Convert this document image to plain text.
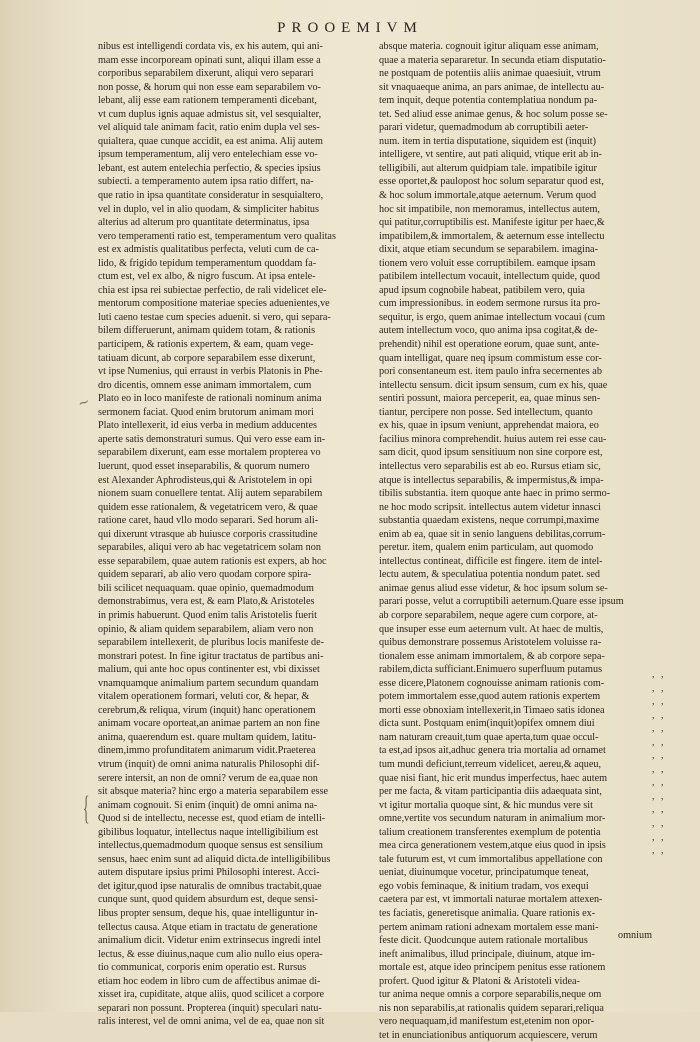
PROOEMIVM
~
{
nibus est intelligendi cordata vis, ex his autem, qui ani-
mam esse incorpoream opinati sunt, aliqui illam esse a
corporibus separabilem dixerunt, aliqui vero separari
non posse, & horum qui non esse eam separabilem vo-
lebant, alij esse eam rationem temperamenti dicebant,
vt cum duplus ignis aquae admistus sit, vel sesquialter,
vel aliquid tale animam facit, ratio enim dupla vel ses-
quialtera, quae cunque accidit, ea est anima. Alij autem
ipsum temperamentum, alij vero entelechiam esse vo-
lebant, est autem entelechia perfectio, & species ipsius
subiecti. a temperamento autem ipsa ratio differt, na-
que ratio in ipsa quantitate consideratur in sesquialtero,
vel in duplo, vel in alio quodam, & simpliciter habitus
alterius ad alterum pro quantitate determinatus, ipsa
vero temperamenti ratio est, temperamentum vero qualitas
est ex admistis qualitatibus perfecta, veluti cum de ca-
lido, & frigido tepidum temperamentum quoddam fa-
ctum est, vel ex albo, & nigro fuscum. At ipsa entele-
chia est ipsa rei subiectae perfectio, de rali videlicet ele-
mentorum compositione materiae species aduenientes,ve
luti caeno testae cum species aduenit. si vero, qui separa-
bilem differuerunt, animam quidem totam, & rationis
participem, & rationis expertem, & eam, quam vege-
tatiuam dicunt, ab corpore separabilem esse dixerunt,
vt ipse Numenius, qui erraust in verbis Platonis in Phe-
dro dicentis, omnem esse animam immortalem, cum
Plato eo in loco manifeste de rationali nominum anima
sermonem faciat. Quod enim brutorum animam mori
Plato intellexerit, id eius verba in medium adducentes
aperte satis demonstraturi sumus. Qui vero esse eam in-
separabilem dixerunt, eam esse mortalem propterea vo
luerunt, quod esset inseparabilis, & quorum numero
est Alexander Aphrodisteus,qui & Aristotelem in opi
nionem suam conuellere tentat. Alij autem separabilem
quidem esse rationalem, & vegetatricem vero, & quae
ratione caret, haud vllo modo separari. Sed horum ali-
qui dixerunt vtrasque ab huiusce corporis crassitudine
separabiles, aliqui vero ab hac vegetatricem solam non
esse separabilem, quae autem rationis est expers, ab hoc
quidem separari, ab alio vero quodam corpore spira-
bili scilicet nequaquam. quae opinio, quemadmodum
demonstrabimus, vera est, & eam Plato,& Aristoteles
in primis habuerunt. Quod enim talis Aristotelis fuerit
opinio, & aliam quidem separabilem, aliam vero non
separabilem intellexerit, de pluribus locis manifeste de-
monstrari potest. In fine igitur tractatus de partibus ani-
malium, qui ante hoc opus continenter est, vbi dixisset
vnamquamque animalium partem secundum quandam
vitalem operationem formari, veluti cor, & hepar, &
cerebrum,& reliqua, virum (inquit) hanc operationem
animam vocare oporteat,an animae partem an non fine
anima, quaerendum est. quare multam quidem, latitu-
dinem,immo profunditatem animarum vidit.Praeterea
vtrum (inquit) de omni anima naturalis Philosophi dif-
serere intersit, an non de omni? verum de ea,quae non
sit absque materia? hinc ergo a materia separabilem esse
animam cognouit. Si enim (inquit) de omni anima na-
Quod si de intellectu, necesse est, quod etiam de intelli-
gibilibus loquatur, intellectus naque intelligibilium est
intellectus,quemadmodum quoque sensus est sensilium
sensus, haec enim sunt ad aliquid dicta.de intelligibilibus
autem disputare ipsius primi Philosophi interest. Acci-
det igitur,quod ipse naturalis de omnibus tractabit,quae
cunque sunt, quod quidem absurdum est, deque sensi-
libus propter sensum, deque his, quae intelliguntur in-
tellectus causa. Atque etiam in tractatu de generatione
animalium dicit. Videtur enim extrinsecus ingredi intel
lectus, & esse diuinus,naque cum alio nullo eius opera-
tio communicat, corporis enim operatio est. Rursus
etiam hoc eodem in libro cum de affectibus animae di-
xisset ira, cupiditate, atque aliis, quod scilicet a corpore
separari non possunt. Propterea (inquit) speculari natu-
ralis interest, vel de omni anima, vel de ea, quae non sit
absque materia. cognouit igitur aliquam esse animam,
quae a materia separaretur. In secunda etiam disputatio-
ne postquam de potentiis aliis animae quaesiuit, vtrum
sit vnaquaeque anima, an pars animae, de intellectu au-
tem inquit, deque potentia contemplatiua nondum pa-
tet. Sed aliud esse animae genus, & hoc solum posse se-
parari videtur, quemadmodum ab corruptibili aeter-
num. item in tertia disputatione, siquidem est (inquit)
intelligere, vt sentire, aut pati aliquid, vtique erit ab in-
telligibili, aut alterum quidpiam tale. impatibile igitur
esse oportet,& paulopost hoc solum separatur quod est,
& hoc solum immortale,atque aeternum. Verum quod
hoc sit impatibile, non memoramus, intellectus autem,
qui patitur,corruptibilis est. Manifeste igitur per haec,&
impatibilem,& immortalem, & aeternum esse intellectu
dixit, atque etiam secundum se separabilem. imagina-
tionem vero voluit esse corruptibilem. eamque ipsam
patibilem intellectum vocauit, intellectum quide, quod
apud ipsum cognobile habeat, patibilem vero, quia
cum impressionibus. in eodem sermone rursus ita pro-
sequitur, is ergo, quem animae intellectum vocaui (cum
autem intellectum voco, quo anima ipsa cogitat,& de-
prehendit) nihil est operatione eorum, quae sunt, ante-
quam intelligat, quare neq ipsum commistum esse cor-
pori consentaneum est. item paulo infra secernentes ab
intellectu sensum. dicit ipsum sensum, cum ex his, quae
sentiri possunt, maiora perceperit, ea, quae minus sen-
tiantur, percipere non posse. Sed intellectum, quanto
ex his, quae in ipsum veniunt, apprehendat maiora, eo
facilius minora comprehendit. huius autem rei esse cau-
sam dicit, quod ipsum sensitiuum non sine corpore est,
intellectus vero separabilis est ab eo. Rursus etiam sic,
atque is intellectus separabilis, & impermistus,& impa-
tibilis substantia. item quoque ante haec in primo sermo-
ne hoc modo scripsit. intellectus autem videtur innasci
substantia quaedam existens, neque corrumpi,maxime
enim ab ea, quae sit in senio languens debilitas,corrum-
peretur. item, qualem enim particulam, aut quomodo
intellectus contineat, difficile est fingere. item de intel-
lectu autem, & speculatiua potentia nondum patet. sed
animae genus aliud esse videtur, & hoc ipsum solum se-
parari posse, velut a corruptibili aeternum.Quare esse ipsum
ab corpore separabilem, neque agere cum corpore, at-
que insuper esse eum aeternum vult. At haec de multis,
quibus demonstrare possemus Aristotelem voluisse ra-
tionalem esse animam immortalem, & ab corpore sepa-
rabilem,dicta sufficiant.Enimuero superfluum putamus
esse dicere,Platonem cognouisse animam rationis com-
potem immortalem esse,quod autem rationis expertem
morti esse obnoxiam intellexerit,in Timaeo satis idonea
dicta sunt. Postquam enim(inquit)opifex omnem diui
nam naturam creauit,tum quae aperta,tum quae occul-
ta est,ad ipsos ait,adhuc genera tria mortalia ad ornamet
tum mundi deficiunt,terreum videlicet, aereu,& aqueu,
quae nisi fiant, hic erit mundus imperfectus, haec autem
per me facta, & vitam participantia diis adaequata sint,
vt igitur mortalia quoque sint, & hic mundus vere sit
omne,vertite vos secundum naturam in animalium mor-
talium creationem transferentes exemplum de potentia
mea circa generationem vestem,atque eius quod in ipsis
tale futurum est, vt cum immortalibus appellatione con
ueniat, diuinumque vocetur, principatumque teneat,
ego vobis feminaque, & initium tradam, vos exequi
caetera par est, vt immortali naturae mortalem attexen-
tes faciatis, generetisque animalia. Quare rationis ex-
pertem animam rationi adnexam mortalem esse mani-
feste dicit. Quodcunque autem rationale mortalibus
ineft animalibus, illud principale, diuinum, atque im-
mortale est, atque ideo principem penitus esse rationem
profert. Quod igitur & Platoni & Aristoteli videa-
tur anima neque omnis a corpore separabilis,neque om
nis non separabilis,at rationalis quidem separari,reliqua
vero nequaquam,id manifestum est,etenim non opor-
tet in enunciationibus antiquorum acquiescere, verum
, ,
, ,
, ,
, ,
, ,
, ,
, ,
, ,
, ,
, ,
, ,
, ,
, ,
, ,
omnium
